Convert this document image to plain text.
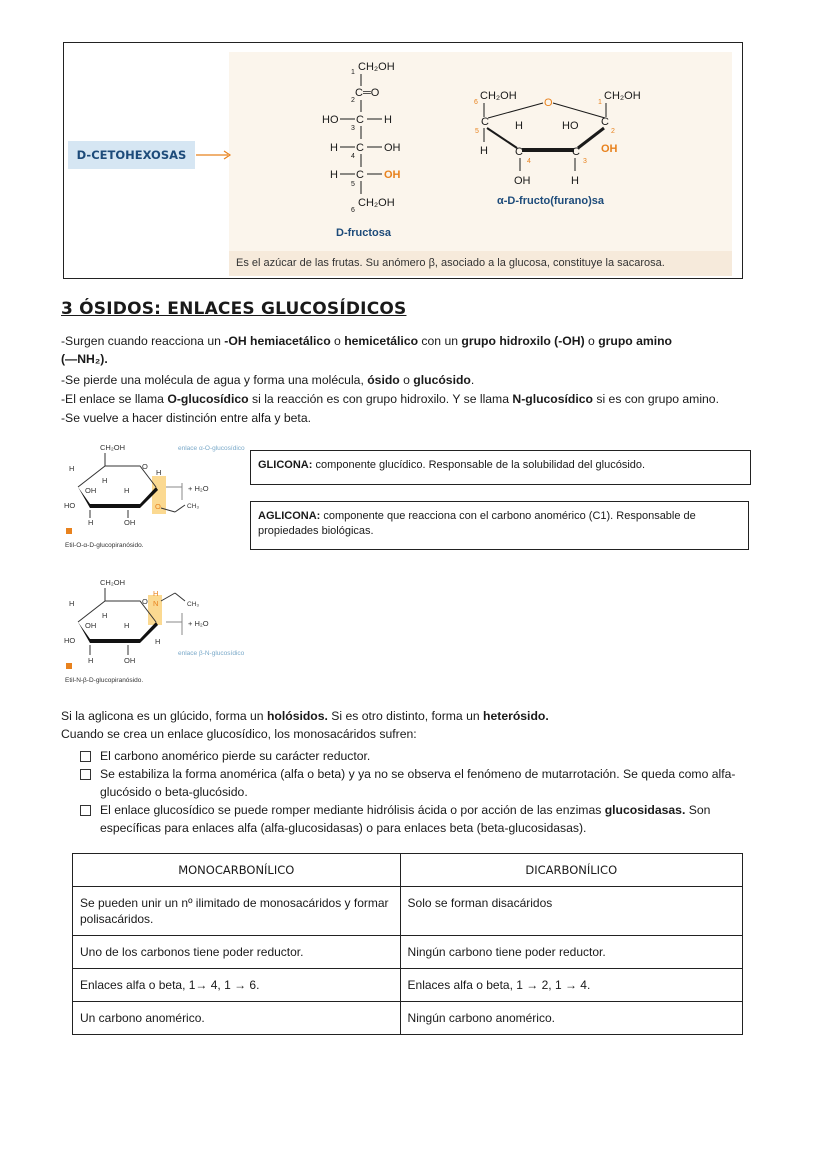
Es el azúcar de las frutas. Su anómero β, asociado a la glucosa, constituye la sacarosa.
D-CETOHEXOSAS
CH₂OH
1
C═O
2
HO C H
3
H C OH
4
H C OH
5
CH₂OH
6
D-fructosa
CH₂OH
6	O
CH₂OH
1
C
5	H	HO C
2
H	OH
C
4
C
3
OH	H
α-D-fructo(furano)sa
3 ÓSIDOS: ENLACES GLUCOSÍDICOS
-Surgen cuando reacciona un -OH hemiacetálico o hemicetálico con un grupo hidroxilo (-OH) o grupo amino
(—NH₂).
-Se pierde una molécula de agua y forma una molécula, ósido o glucósido.
-El enlace se llama O-glucosídico si la reacción es con grupo hidroxilo. Y se llama N-glucosídico si es con grupo amino.
-Se vuelve a hacer distinción entre alfa y beta.
CH₂OH
H	O
H
H
OH	H
HO	O	CH₃
H	OH
+ H₂O
enlace α-O-glucosídico
Etil-O-α-D-glucopiranósido.
CH₂OH
H	O
H
N	CH₃
H
OH	H
HO	H
H	OH
+ H₂O
enlace β-N-glucosídico
Etil-N-β-D-glucopiranósido.
GLICONA: componente glucídico. Responsable de la solubilidad del glucósido.
AGLICONA: componente que reacciona con el carbono anomérico (C1). Responsable de propiedades biológicas.
Si la aglicona es un glúcido, forma un holósidos. Si es otro distinto, forma un heterósido.
Cuando se crea un enlace glucosídico, los monosacáridos sufren:
El carbono anomérico pierde su carácter reductor.
Se estabiliza la forma anomérica (alfa o beta) y ya no se observa el fenómeno de mutarrotación. Se queda como alfa-glucósido o beta-glucósido.
El enlace glucosídico se puede romper mediante hidrólisis ácida o por acción de las enzimas glucosidasas. Son específicas para enlaces alfa (alfa-glucosidasas) o para enlaces beta (beta-glucosidasas).
MONOCARBONÍLICO	DICARBONÍLICO
Se pueden unir un nº ilimitado de monosacáridos y formar polisacáridos.	Solo se forman disacáridos
Uno de los carbonos tiene poder reductor.	Ningún carbono tiene poder reductor.
Enlaces alfa o beta, 1→ 4, 1 → 6.	Enlaces alfa o beta, 1 → 2, 1 → 4.
Un carbono anomérico.	Ningún carbono anomérico.
